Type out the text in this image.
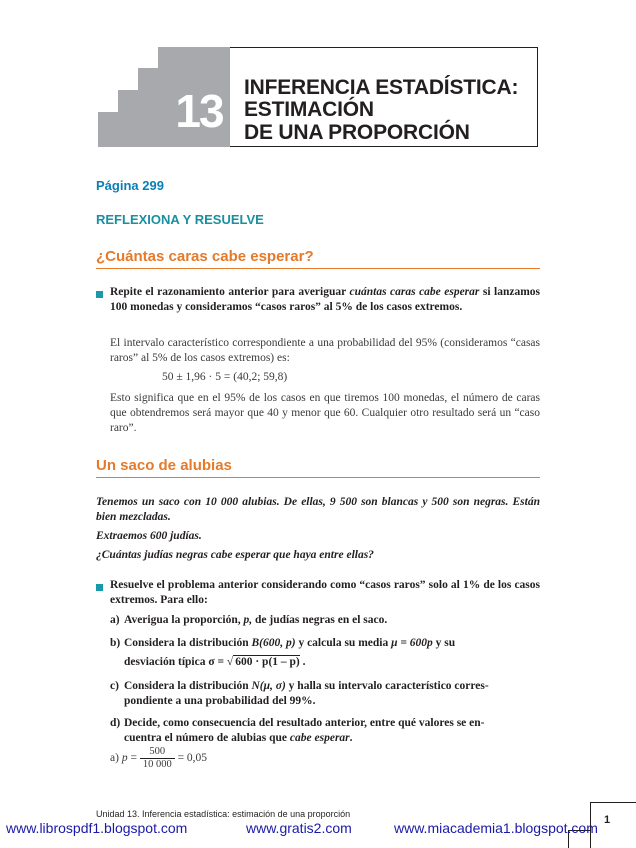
13	INFERENCIA ESTADÍSTICA:
ESTIMACIÓN
DE UNA PROPORCIÓN
Página 299
REFLEXIONA Y RESUELVE
¿Cuántas caras cabe esperar?
Repite el razonamiento anterior para averiguar cuántas caras cabe esperar si lanzamos 100 monedas y consideramos “casos raros” al 5% de los casos extremos.
El intervalo característico correspondiente a una probabilidad del 95% (consideramos “casas raros” al 5% de los casos extremos) es:
50 ± 1,96 · 5 = (40,2; 59,8)
Esto significa que en el 95% de los casos en que tiremos 100 monedas, el número de caras que obtendremos será mayor que 40 y menor que 60. Cualquier otro resultado será un “caso raro”.
Un saco de alubias
Tenemos un saco con 10 000 alubias. De ellas, 9 500 son blancas y 500 son negras. Están bien mezcladas.
Extraemos 600 judías.
¿Cuántas judías negras cabe esperar que haya entre ellas?
Resuelve el problema anterior considerando como “casos raros” solo al 1% de los casos extremos. Para ello:
a) Averigua la proporción, p, de judías negras en el saco.
b) Considera la distribución B(600, p) y calcula su media μ = 600p y su
desviación típica σ = √ 600 · p(1 – p) .
c) Considera la distribución N(μ, σ) y halla su intervalo característico corres-
pondiente a una probabilidad del 99%.
d) Decide, como consecuencia del resultado anterior, entre qué valores se en-
cuentra el número de alubias que cabe esperar.
a) $p = \frac{500}{10 000} = 0,05$
Unidad 13. Inferencia estadística: estimación de una proporción	1
www.librospdf1.blogspot.com	www.gratis2.com	www.miacademia1.blogspot.com
